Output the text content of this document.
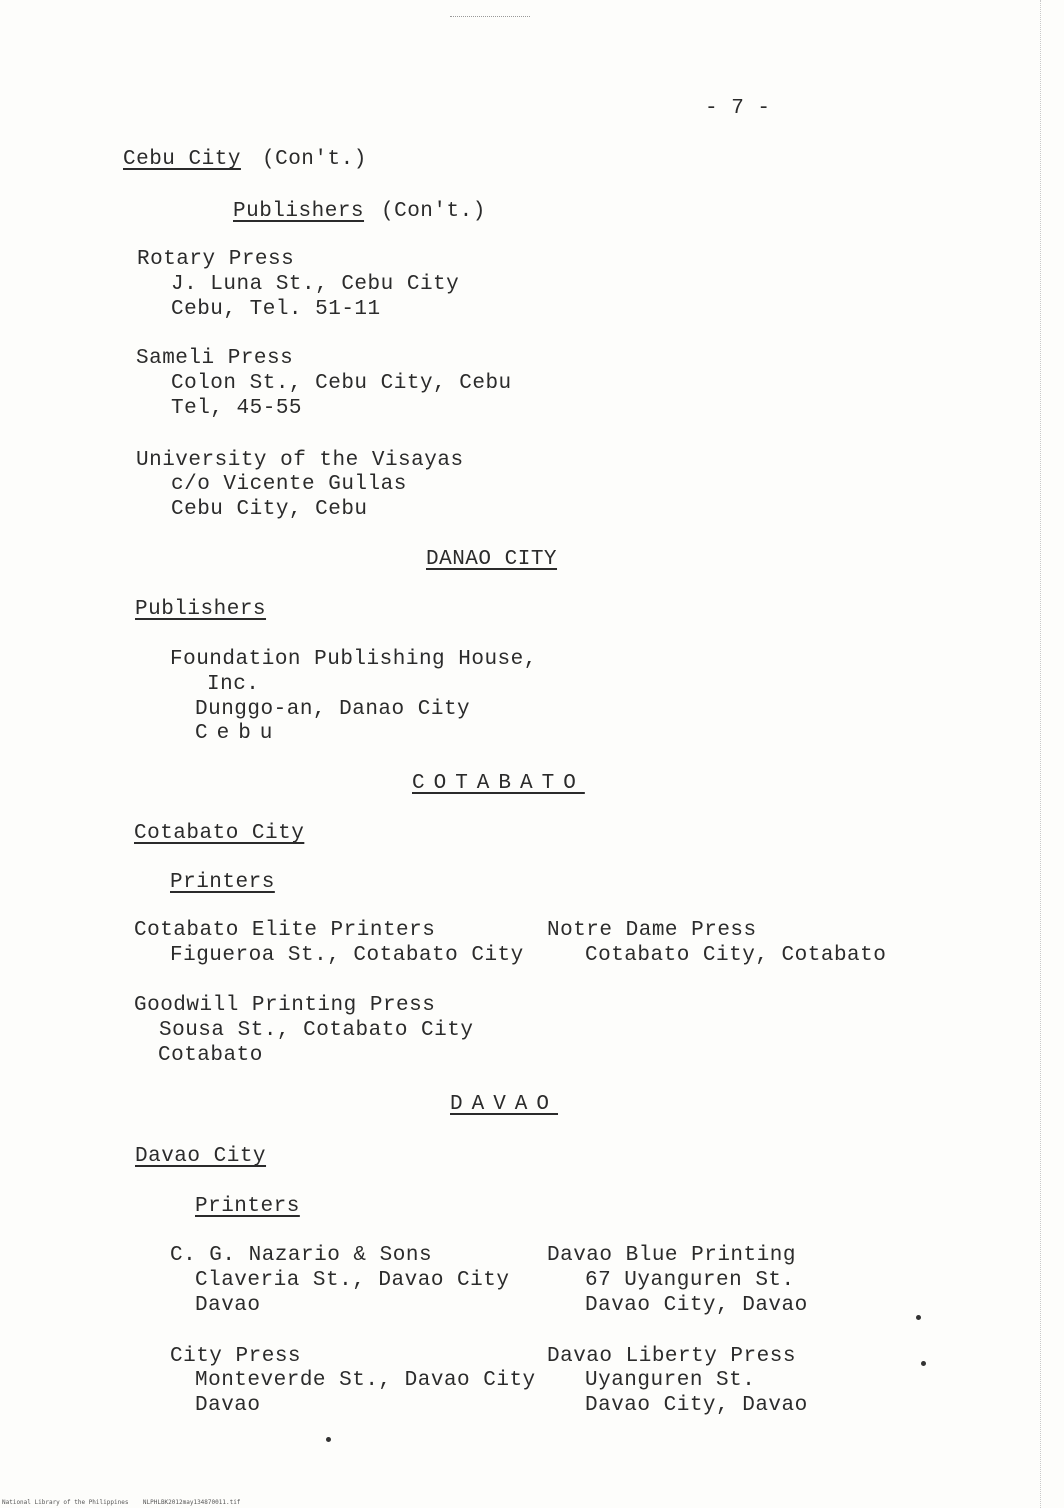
- 7 -
Cebu City (Con't.)
Publishers (Con't.)
Rotary Press
J. Luna St., Cebu City
Cebu, Tel. 51-11
Sameli Press
Colon St., Cebu City, Cebu
Tel, 45-55
University of the Visayas
c/o Vicente Gullas
Cebu City, Cebu
DANAO CITY
Publishers
Foundation Publishing House,
Inc.
Dunggo-an, Danao City
Cebu
COTABATO
Cotabato City
Printers
Cotabato Elite Printers
Figueroa St., Cotabato City
Notre Dame Press
Cotabato City, Cotabato
Goodwill Printing Press
Sousa St., Cotabato City
Cotabato
DAVAO
Davao City
Printers
C. G. Nazario & Sons
Claveria St., Davao City
Davao
Davao Blue Printing
67 Uyanguren St.
Davao City, Davao
City Press
Monteverde St., Davao City
Davao
Davao Liberty Press
Uyanguren St.
Davao City, Davao
National Library of the Philippines    NLPHLBK2012may134870011.tif
